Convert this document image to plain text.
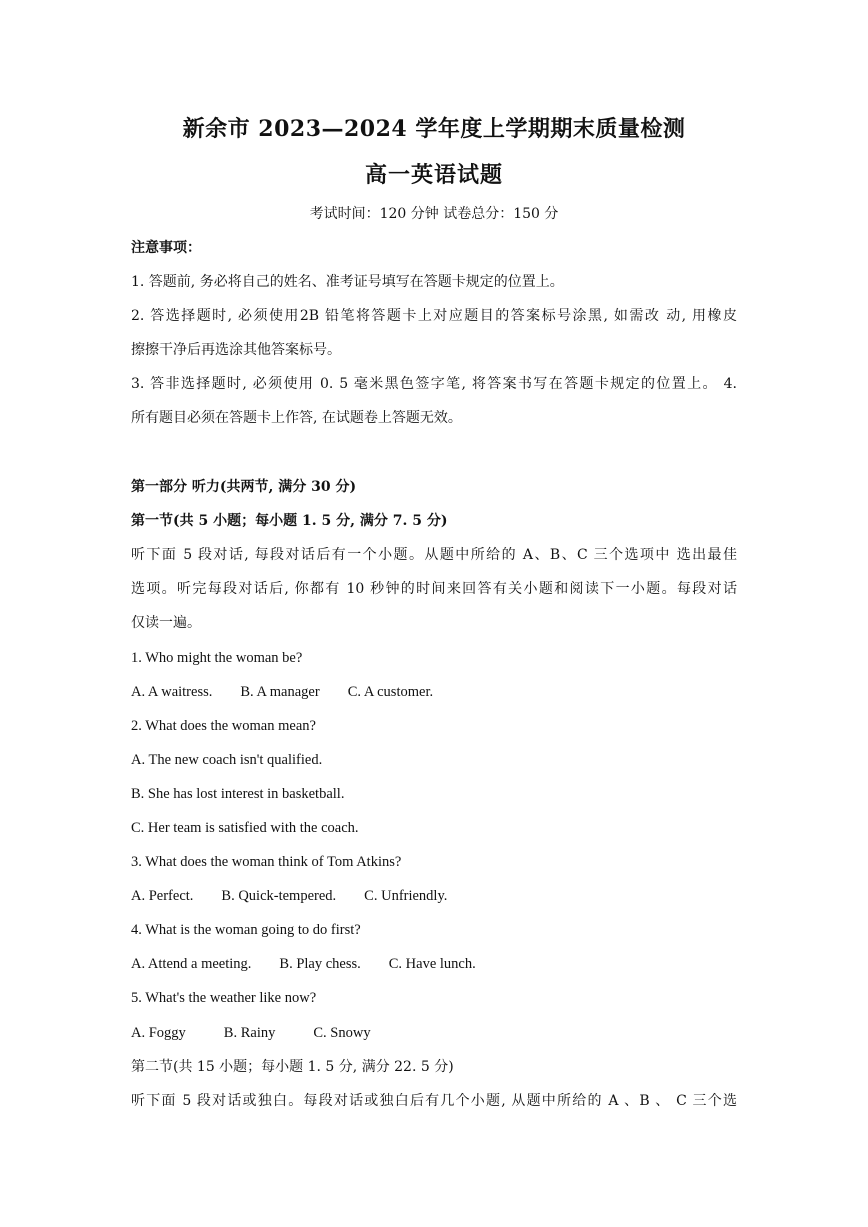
新余市 2023—2024 学年度上学期期末质量检测
高一英语试题
考试时间：120 分钟 试卷总分：150 分
注意事项：
1. 答题前, 务必将自己的姓名、准考证号填写在答题卡规定的位置上。
2. 答选择题时, 必须使用2B 铅笔将答题卡上对应题目的答案标号涂黑, 如需改 动, 用橡皮
擦擦干净后再选涂其他答案标号。
3. 答非选择题时, 必须使用 0. 5 毫米黑色签字笔, 将答案书写在答题卡规定的位置上。 4.
所有题目必须在答题卡上作答, 在试题卷上答题无效。
第一部分 听力(共两节, 满分 30 分)
第一节(共 5 小题；每小题 1. 5 分, 满分 7. 5 分)
听下面 5 段对话, 每段对话后有一个小题。从题中所给的 A、B、C 三个选项中 选出最佳
选项。听完每段对话后, 你都有 10 秒钟的时间来回答有关小题和阅读下一小题。每段对话
仅读一遍。
1. Who might the woman be?
A. A waitress. B. A manager C. A customer.
2. What does the woman mean?
A. The new coach isn't qualified.
B. She has lost interest in basketball.
C. Her team is satisfied with the coach.
3. What does the woman think of Tom Atkins?
A. Perfect. B. Quick-tempered. C. Unfriendly.
4. What is the woman going to do first?
A. Attend a meeting. B. Play chess. C. Have lunch.
5. What's the weather like now?
A. Foggy	B. Rainy	C. Snowy
第二节(共 15 小题；每小题 1. 5 分, 满分 22. 5 分)
听下面 5 段对话或独白。每段对话或独白后有几个小题, 从题中所给的 A 、B 、 C 三个选
